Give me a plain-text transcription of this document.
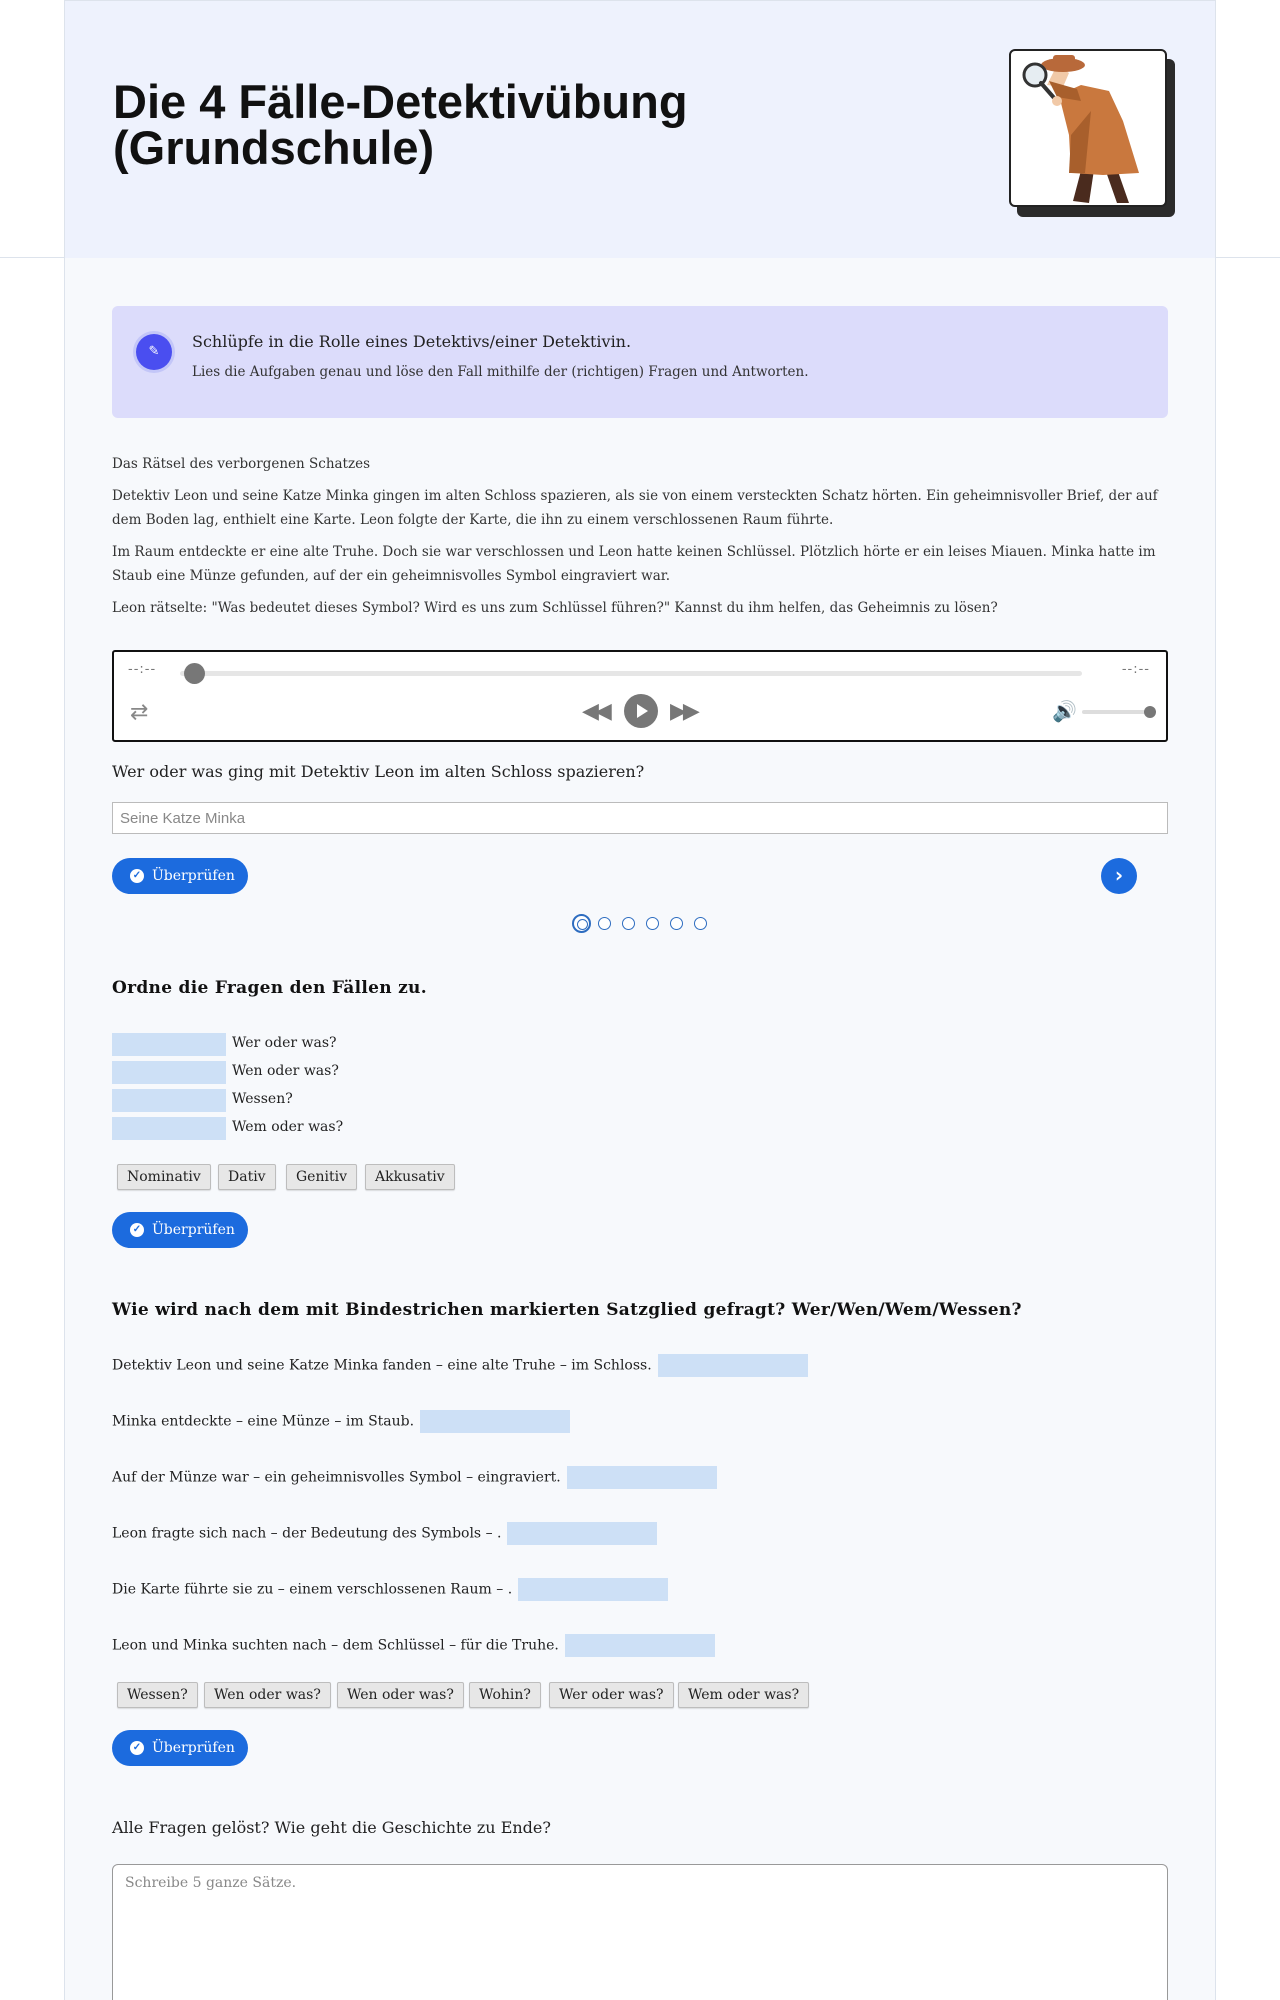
Die 4 Fälle-Detektivübung (Grundschule)
✎
Schlüpfe in die Rolle eines Detektivs/einer Detektivin.
Lies die Aufgaben genau und löse den Fall mithilfe der (richtigen) Fragen und Antworten.

Das Rätsel des verborgenen Schatzes

Detektiv Leon und seine Katze Minka gingen im alten Schloss spazieren, als sie von einem versteckten Schatz hörten. Ein geheimnisvoller Brief, der auf dem Boden lag, enthielt eine Karte. Leon folgte der Karte, die ihn zu einem verschlossenen Raum führte.

Im Raum entdeckte er eine alte Truhe. Doch sie war verschlossen und Leon hatte keinen Schlüssel. Plötzlich hörte er ein leises Miauen. Minka hatte im Staub eine Münze gefunden, auf der ein geheimnisvolles Symbol eingraviert war.

Leon rätselte: "Was bedeutet dieses Symbol? Wird es uns zum Schlüssel führen?" Kannst du ihm helfen, das Geheimnis zu lösen?

--:--	--:--
⇄	◀◀	▶▶	🔊
Wer oder was ging mit Detektiv Leon im alten Schloss spazieren?
Seine Katze Minka
✓ Überprüfen	›
Ordne die Fragen den Fällen zu.
Wer oder was?
Wen oder was?
Wessen?
Wem oder was?
Nominativ	Dativ	Genitiv	Akkusativ
✓ Überprüfen
Wie wird nach dem mit Bindestrichen markierten Satzglied gefragt? Wer/Wen/Wem/Wessen?
Detektiv Leon und seine Katze Minka fanden – eine alte Truhe – im Schloss.
Minka entdeckte – eine Münze – im Staub.
Auf der Münze war – ein geheimnisvolles Symbol – eingraviert.
Leon fragte sich nach – der Bedeutung des Symbols – .
Die Karte führte sie zu – einem verschlossenen Raum – .
Leon und Minka suchten nach – dem Schlüssel – für die Truhe.
Wessen?	Wen oder was?	Wen oder was?	Wohin?	Wer oder was?	Wem oder was?
✓ Überprüfen
Alle Fragen gelöst? Wie geht die Geschichte zu Ende?
Schreibe 5 ganze Sätze.
